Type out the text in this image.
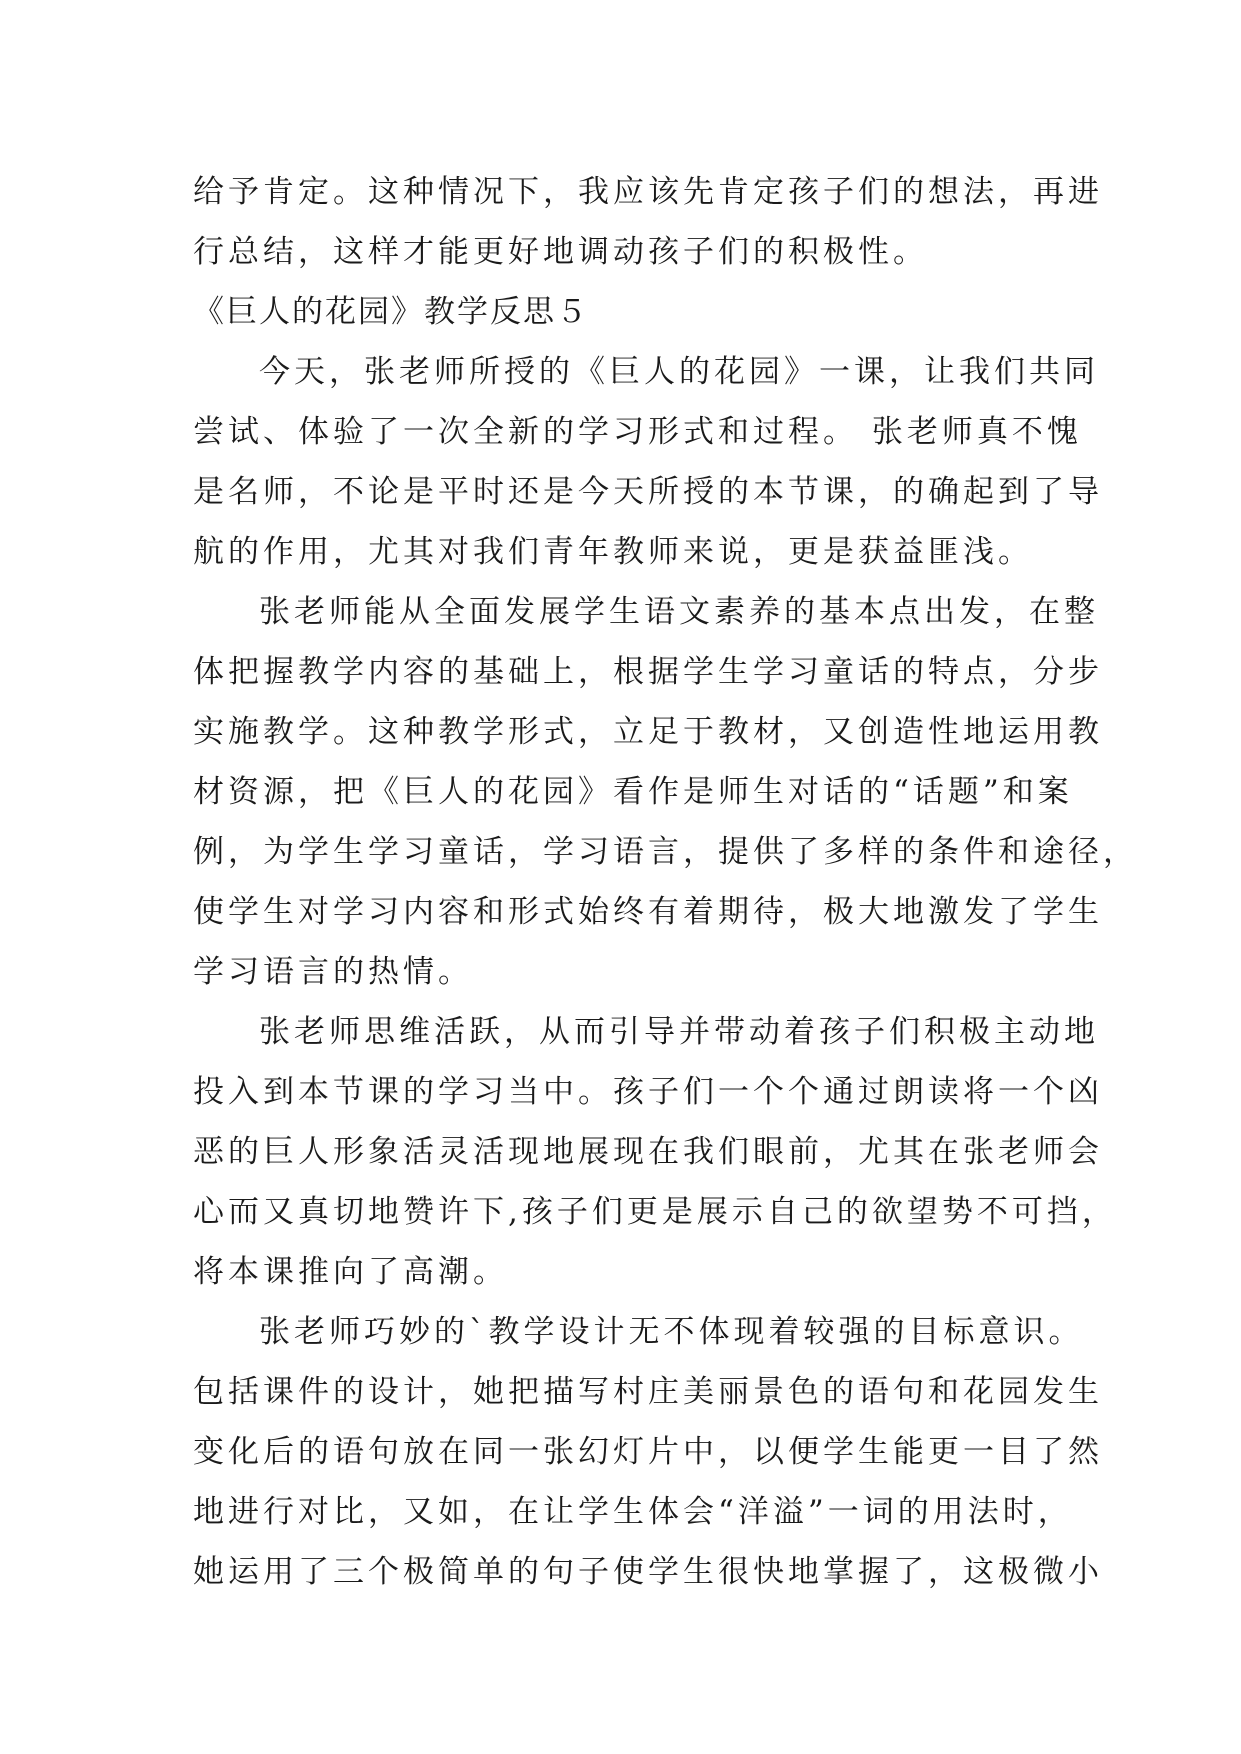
给予肯定。这种情况下，我应该先肯定孩子们的想法，再进
行总结，这样才能更好地调动孩子们的积极性。
《巨人的花园》教学反思５
今天，张老师所授的《巨人的花园》一课，让我们共同
尝试、体验了一次全新的学习形式和过程。 张老师真不愧
是名师，不论是平时还是今天所授的本节课，的确起到了导
航的作用，尤其对我们青年教师来说，更是获益匪浅。
张老师能从全面发展学生语文素养的基本点出发，在整
体把握教学内容的基础上，根据学生学习童话的特点，分步
实施教学。这种教学形式，立足于教材，又创造性地运用教
材资源，把《巨人的花园》看作是师生对话的“话题”和案
例，为学生学习童话，学习语言，提供了多样的条件和途径，
使学生对学习内容和形式始终有着期待，极大地激发了学生
学习语言的热情。
张老师思维活跃，从而引导并带动着孩子们积极主动地
投入到本节课的学习当中。孩子们一个个通过朗读将一个凶
恶的巨人形象活灵活现地展现在我们眼前，尤其在张老师会
心而又真切地赞许下,孩子们更是展示自己的欲望势不可挡，
将本课推向了高潮。
张老师巧妙的`教学设计无不体现着较强的目标意识。
包括课件的设计，她把描写村庄美丽景色的语句和花园发生
变化后的语句放在同一张幻灯片中，以便学生能更一目了然
地进行对比，又如，在让学生体会“洋溢”一词的用法时，
她运用了三个极简单的句子使学生很快地掌握了，这极微小
